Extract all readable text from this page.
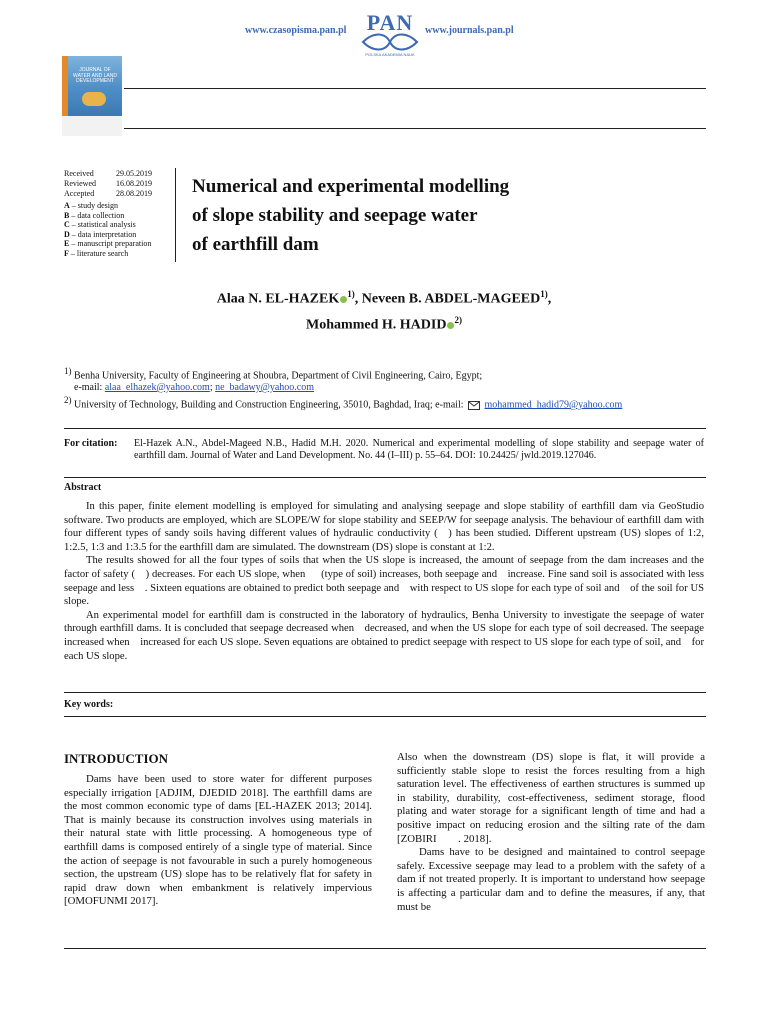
www.czasopisma.pan.pl	www.journals.pan.pl
PAN
POLSKA AKADEMIA NAUK
JOURNAL OF WATER AND LAND DEVELOPMENT
Received	29.05.2019
Reviewed	16.08.2019
Accepted	28.08.2019
A – study design
B – data collection
C – statistical analysis
D – data interpretation
E – manuscript preparation
F – literature search
Numerical and experimental modelling
of slope stability and seepage water
of earthfill dam
Alaa N. EL-HAZEK $^{1)}$, Neveen B. ABDEL-MAGEED$^{1)}$,
Mohammed H. HADID $^{2)}$
$^{1)}$ Benha University, Faculty of Engineering at Shoubra, Department of Civil Engineering, Cairo, Egypt;
e-mail: alaa_elhazek@yahoo.com; ne_badawy@yahoo.com
$^{2)}$ University of Technology, Building and Construction Engineering, 35010, Baghdad, Iraq; e-mail: mohammed_hadid79@yahoo.com
For citation: El-Hazek A.N., Abdel-Mageed N.B., Hadid M.H. 2020. Numerical and experimental modelling of slope stability and seepage water of earthfill dam. Journal of Water and Land Development. No. 44 (I–III) p. 55–64. DOI: 10.24425/ jwld.2019.127046.
Abstract

In this paper, finite element modelling is employed for simulating and analysing seepage and slope stability of earthfill dam via GeoStudio software. Two products are employed, which are SLOPE/W for slope stability and SEEP/W for seepage analysis. The behaviour of earthfill dam with four different types of sandy soils having different values of hydraulic conductivity (  ) has been studied. Different upstream (US) slopes of 1:2, 1:2.5, 1:3 and 1:3.5 for the earthfill dam are simulated. The downstream (DS) slope is constant at 1:2.

The results showed for all the four types of soils that when the US slope is increased, the amount of seepage from the dam increases and the factor of safety (  ) decreases. For each US slope, when   (type of soil) increases, both seepage and  increase. Fine sand soil is associated with less seepage and less  . Sixteen equations are obtained to predict both seepage and  with respect to US slope for each type of soil and  of the soil for US slope.

An experimental model for earthfill dam is constructed in the laboratory of hydraulics, Benha University to investigate the seepage of water through earthfill dams. It is concluded that seepage decreased when  decreased, and when the US slope for each type of soil decreased. The seepage increased when  increased for each US slope. Seven equations are obtained to predict seepage with respect to US slope for each type of soil, and  for each US slope.

Key words:
INTRODUCTION

Dams have been used to store water for different purposes especially irrigation [ADJIM, DJEDID 2018]. The earthfill dams are the most common economic type of dams [EL-HAZEK 2013; 2014]. That is mainly because its construction involves using materials in their natural state with little processing. A homogeneous type of earthfill dams is composed entirely of a single type of material. Since the action of seepage is not favourable in such a purely homogeneous section, the upstream (US) slope has to be relatively flat for safety in rapid draw down when embankment is relatively impervious [OMOFUNMI 2017].

Also when the downstream (DS) slope is flat, it will provide a sufficiently stable slope to resist the forces resulting from a high saturation level. The effectiveness of earthen structures is summed up in stability, durability, cost-effectiveness, sediment storage, flood plating and water storage for a significant length of time and had a positive impact on reducing erosion and the silting rate of the dam [ZOBIRI    . 2018].

Dams have to be designed and maintained to control seepage safely. Excessive seepage may lead to a problem with the safety of a dam if not treated properly. It is important to understand how seepage is affecting a particular dam and to define the measures, if any, that must be
